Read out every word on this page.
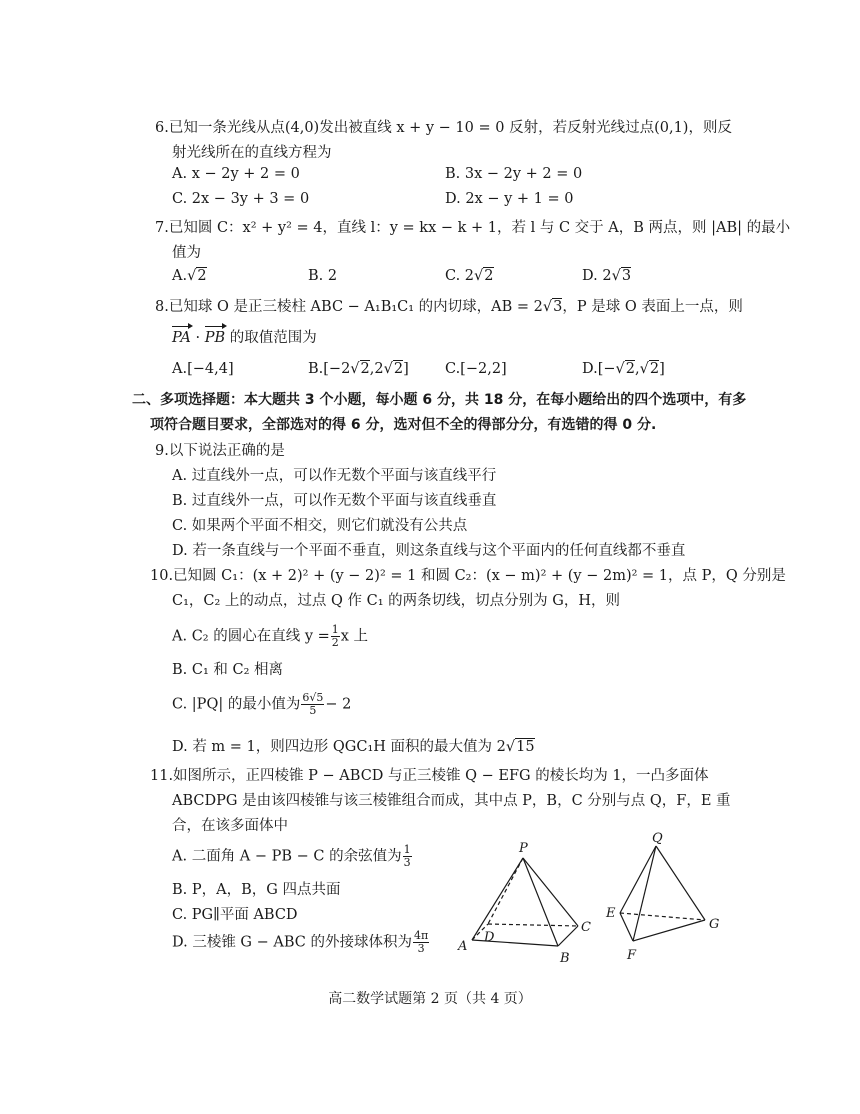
6.已知一条光线从点(4,0)发出被直线 x + y − 10 = 0 反射，若反射光线过点(0,1)，则反
射光线所在的直线方程为
A. x − 2y + 2 = 0	B. 3x − 2y + 2 = 0
C. 2x − 3y + 3 = 0	D. 2x − y + 1 = 0
7.已知圆 C：x² + y² = 4，直线 l：y = kx − k + 1，若 l 与 C 交于 A，B 两点，则 |AB| 的最小
值为
A.√2	B. 2	C. 2√2	D. 2√3
8.已知球 O 是正三棱柱 ABC − A₁B₁C₁ 的内切球，AB = 2√3，P 是球 O 表面上一点，则
PA · PB 的取值范围为
A.[−4,4]	B.[−2√2,2√2] C.[−2,2]	D.[−√2,√2]
二、多项选择题：本大题共 3 个小题，每小题 6 分，共 18 分，在每小题给出的四个选项中，有多
项符合题目要求，全部选对的得 6 分，选对但不全的得部分分，有选错的得 0 分.
9.以下说法正确的是
A. 过直线外一点，可以作无数个平面与该直线平行
B. 过直线外一点，可以作无数个平面与该直线垂直
C. 如果两个平面不相交，则它们就没有公共点
D. 若一条直线与一个平面不垂直，则这条直线与这个平面内的任何直线都不垂直
10.已知圆 C₁：(x + 2)² + (y − 2)² = 1 和圆 C₂：(x − m)² + (y − 2m)² = 1，点 P，Q 分别是
C₁，C₂ 上的动点，过点 Q 作 C₁ 的两条切线，切点分别为 G，H，则
A. C₂ 的圆心在直线 $y = \frac{1}{2}$ x 上
B. C₁ 和 C₂ 相离
C. |PQ| 的最小值为 $\frac{6√5}{5} - 2$
D. 若 m = 1，则四边形 QGC₁H 面积的最大值为 2√15
11.如图所示，正四棱锥 P − ABCD 与正三棱锥 Q − EFG 的棱长均为 1，一凸多面体
ABCDPG 是由该四棱锥与该三棱锥组合而成，其中点 P，B，C 分别与点 Q，F，E 重
合，在该多面体中
A. 二面角 A − PB − C 的余弦值为 $\frac{1}{3}$
B. P，A，B，G 四点共面
C. PG∥平面 ABCD
D. 三棱锥 G − ABC 的外接球体积为 $\frac{4\pi}{3}$
P
A
B
C
D
Q
E
F
G
高二数学试题第 2 页（共 4 页）
